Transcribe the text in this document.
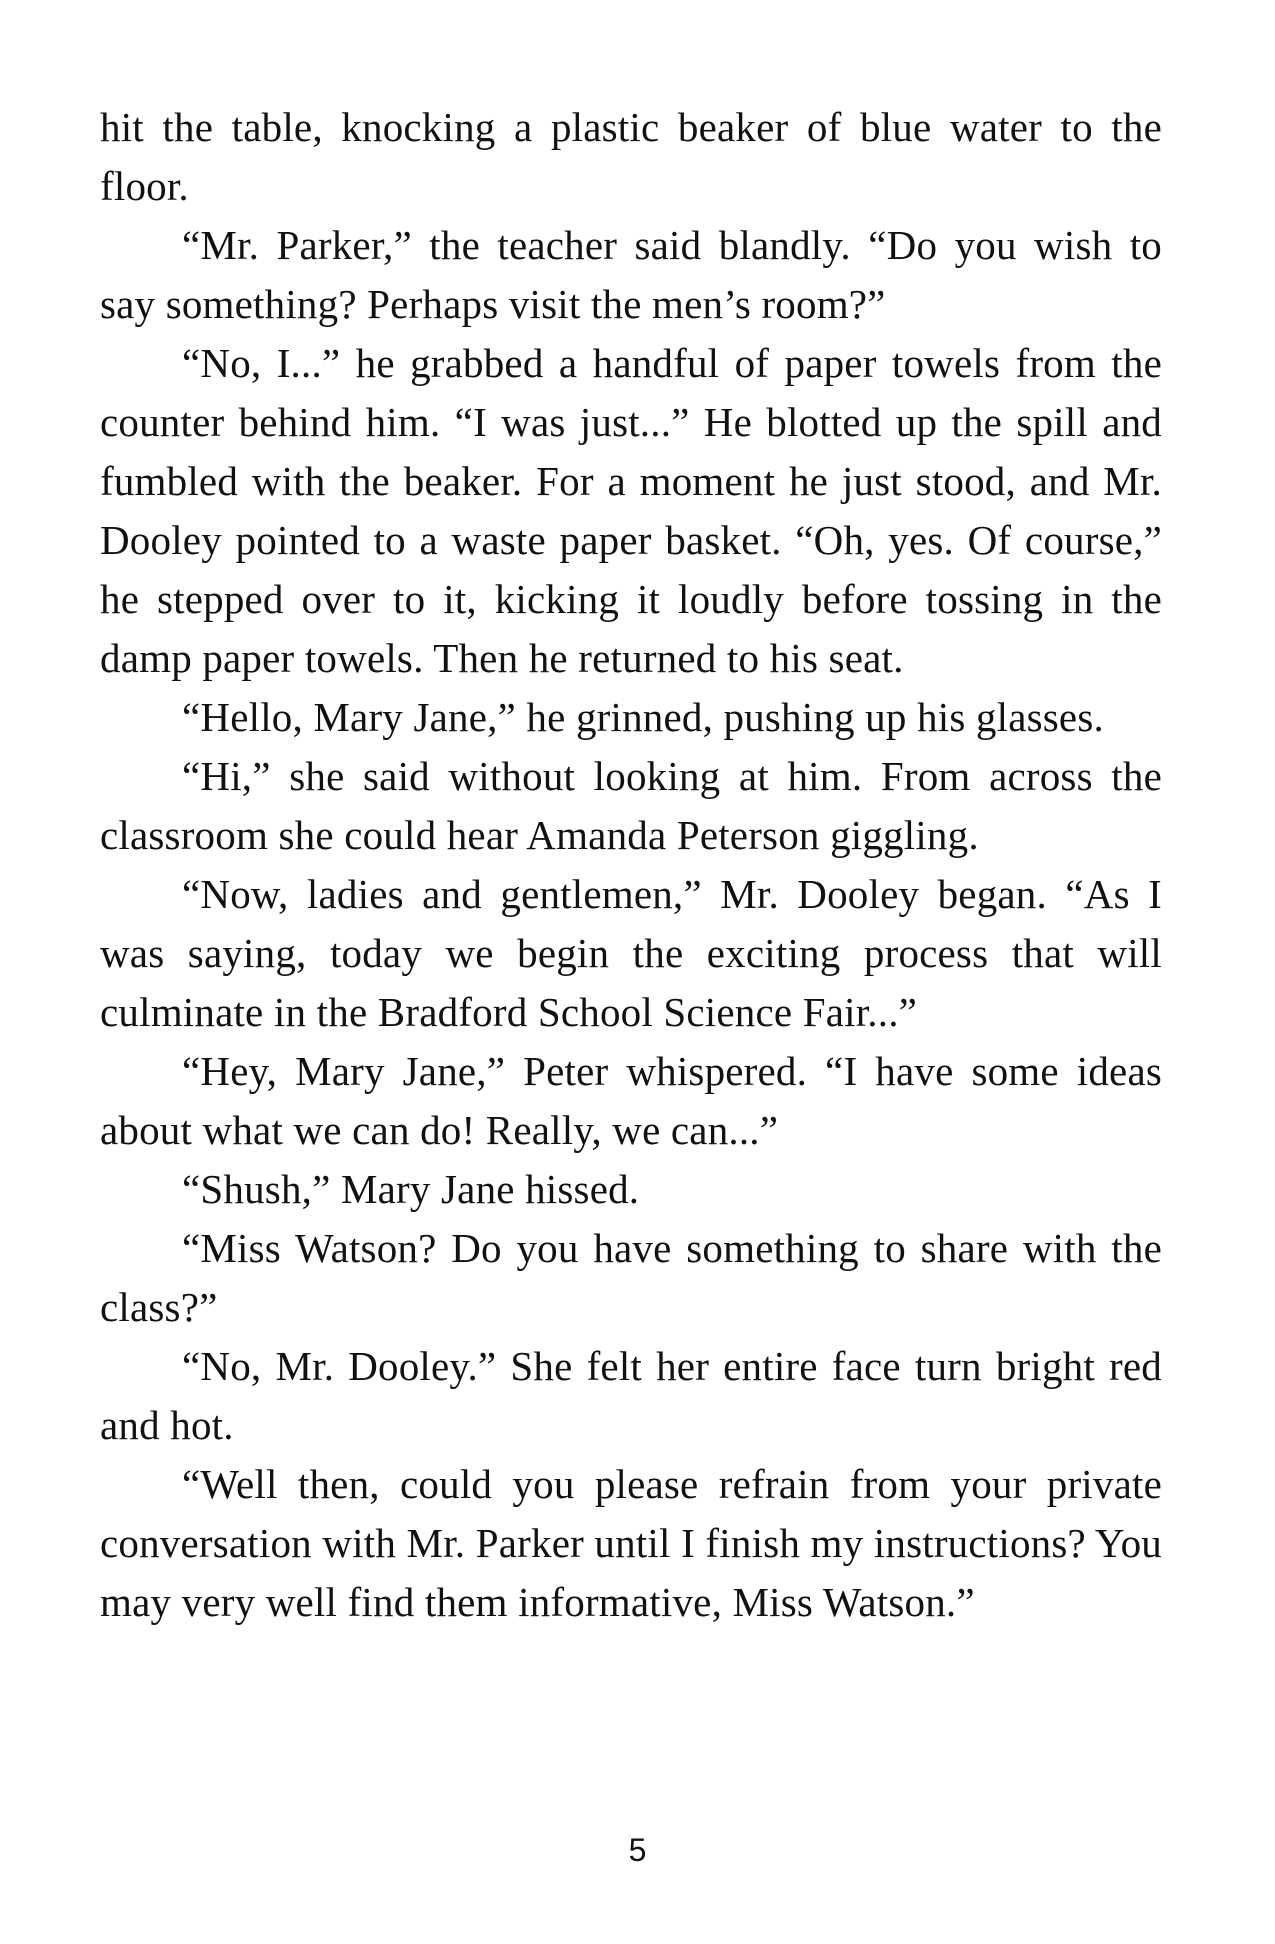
hit the table, knocking a plastic beaker of blue water to the floor.

“Mr. Parker,” the teacher said blandly. “Do you wish to say something? Perhaps visit the men’s room?”

“No, I...” he grabbed a handful of paper towels from the counter behind him. “I was just...” He blotted up the spill and fumbled with the beaker. For a moment he just stood, and Mr. Dooley pointed to a waste paper basket. “Oh, yes. Of course,” he stepped over to it, kicking it loudly before tossing in the damp paper towels. Then he returned to his seat.

“Hello, Mary Jane,” he grinned, pushing up his glasses.

“Hi,” she said without looking at him. From across the classroom she could hear Amanda Peterson giggling.

“Now, ladies and gentlemen,” Mr. Dooley began. “As I was saying, today we begin the exciting process that will culminate in the Bradford School Science Fair...”

“Hey, Mary Jane,” Peter whispered. “I have some ideas about what we can do! Really, we can...”

“Shush,” Mary Jane hissed.

“Miss Watson? Do you have something to share with the class?”

“No, Mr. Dooley.” She felt her entire face turn bright red and hot.

“Well then, could you please refrain from your private conversation with Mr. Parker until I finish my instructions? You may very well find them informative, Miss Watson.”

5
